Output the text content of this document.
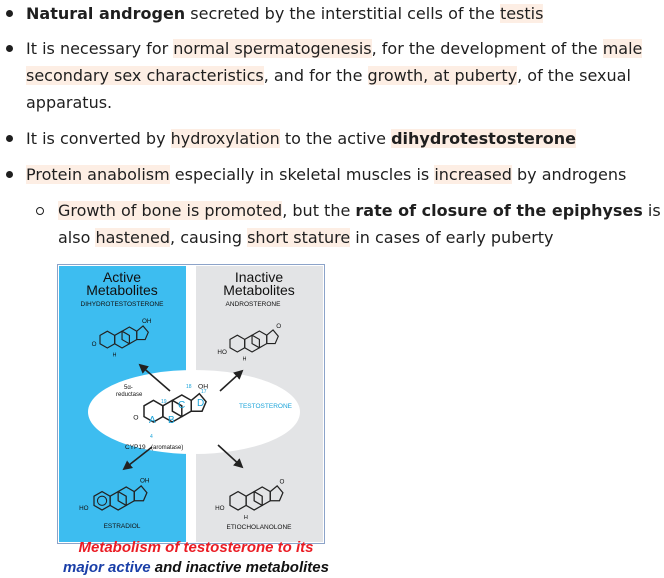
Natural androgen secreted by the interstitial cells of the testis
It is necessary for normal spermatogenesis, for the development of the male secondary sex characteristics, and for the growth, at puberty, of the sexual apparatus.
It is converted by hydroxylation to the active dihydrotestosterone
Protein anabolism especially in skeletal muscles is increased by androgens
Growth of bone is promoted, but the rate of closure of the epiphyses is also hastened, causing short stature in cases of early puberty
Active
Metabolites
Inactive
Metabolites
DIHYDROTESTOSTERONE	ANDROSTERONE
OH
O
H
O
HO
H
OH
O A B
C D
18
17
19
4
TESTOSTERONE
5α-
reductase
CYP19 (aromatase)
OH
HO
ESTRADIOL
O
HO
H
ETIOCHOLANOLONE
Metabolism of testosterone to its
major active and inactive metabolites
